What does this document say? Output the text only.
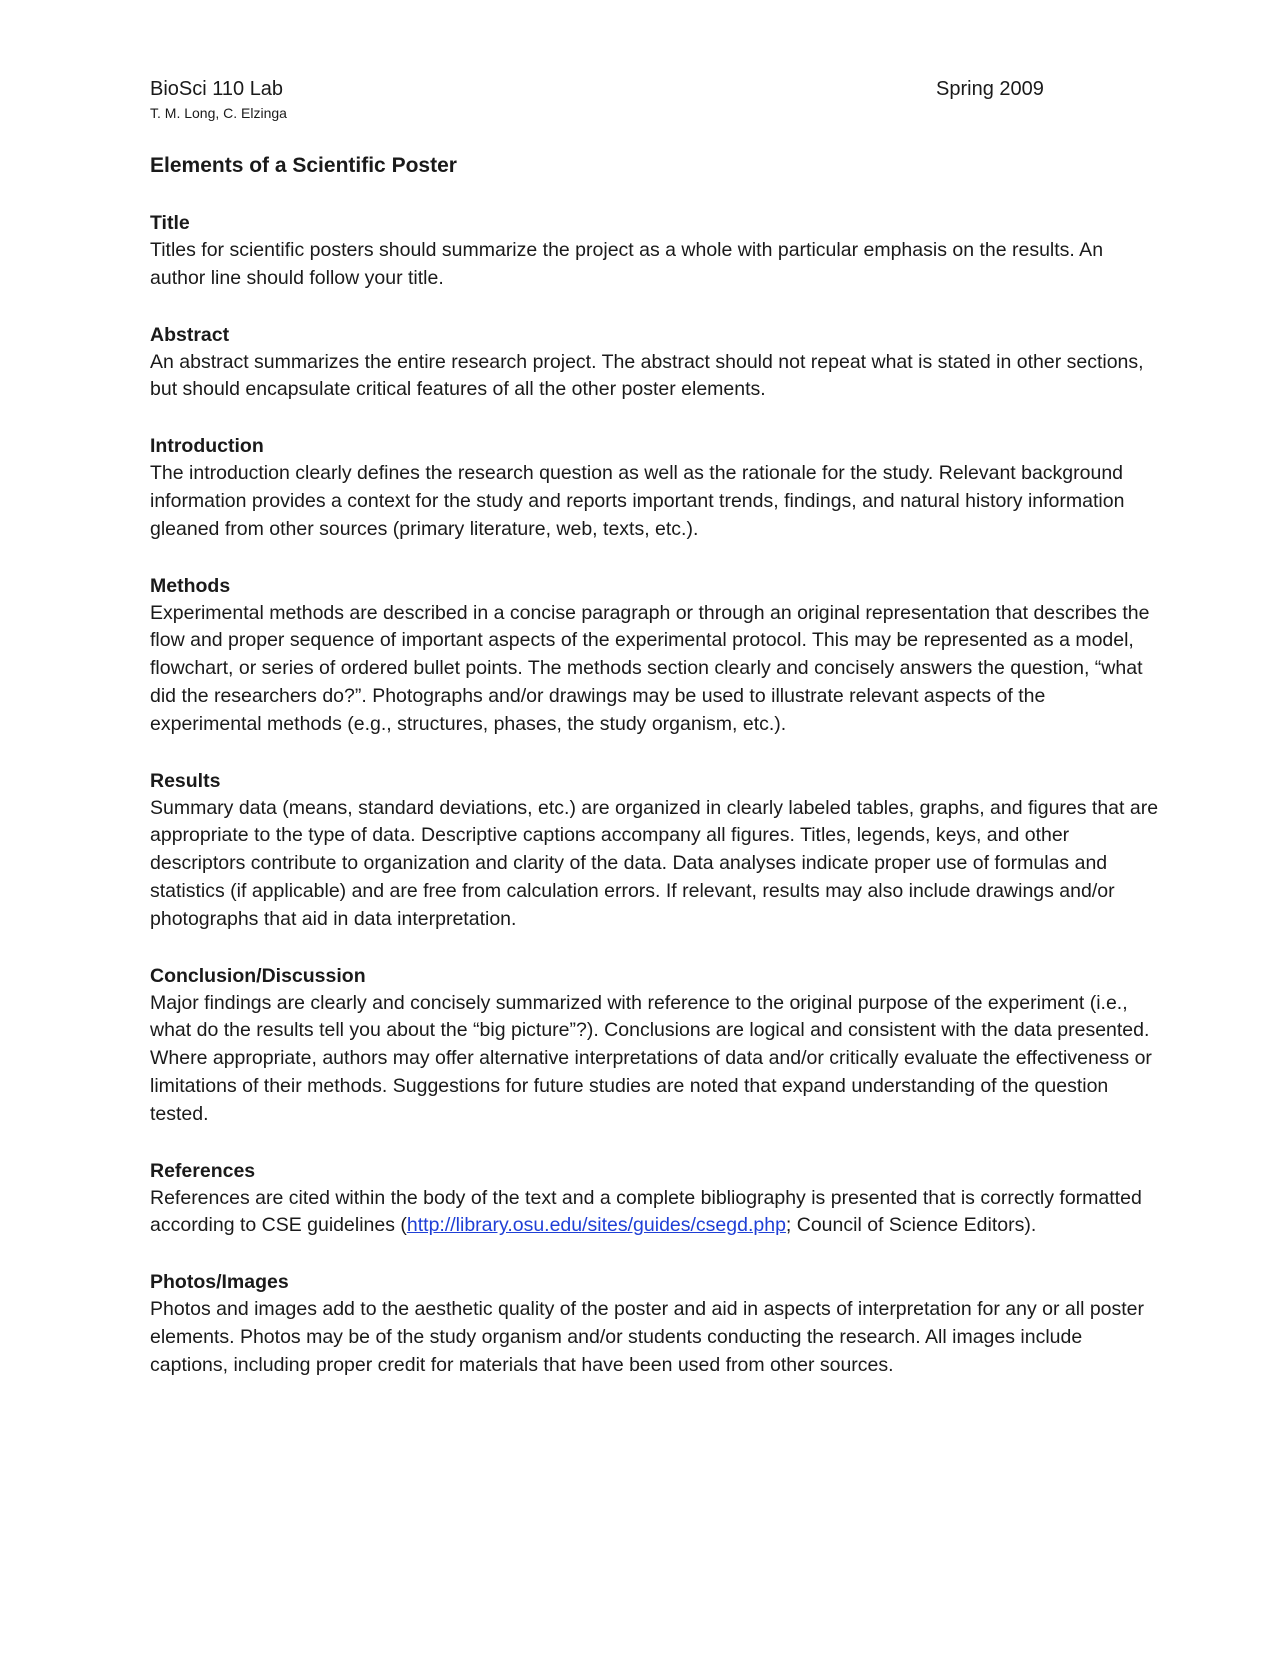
BioSci 110 Lab
T. M. Long, C. Elzinga
Spring 2009
Elements of a Scientific Poster
Title

Titles for scientific posters should summarize the project as a whole with particular emphasis on the results. An author line should follow your title.

Abstract

An abstract summarizes the entire research project. The abstract should not repeat what is stated in other sections, but should encapsulate critical features of all the other poster elements.

Introduction

The introduction clearly defines the research question as well as the rationale for the study. Relevant background information provides a context for the study and reports important trends, findings, and natural history information gleaned from other sources (primary literature, web, texts, etc.).

Methods

Experimental methods are described in a concise paragraph or through an original representation that describes the flow and proper sequence of important aspects of the experimental protocol. This may be represented as a model, flowchart, or series of ordered bullet points. The methods section clearly and concisely answers the question, “what did the researchers do?”. Photographs and/or drawings may be used to illustrate relevant aspects of the experimental methods (e.g., structures, phases, the study organism, etc.).

Results

Summary data (means, standard deviations, etc.) are organized in clearly labeled tables, graphs, and figures that are appropriate to the type of data. Descriptive captions accompany all figures. Titles, legends, keys, and other descriptors contribute to organization and clarity of the data. Data analyses indicate proper use of formulas and statistics (if applicable) and are free from calculation errors. If relevant, results may also include drawings and/or photographs that aid in data interpretation.

Conclusion/Discussion

Major findings are clearly and concisely summarized with reference to the original purpose of the experiment (i.e., what do the results tell you about the “big picture”?). Conclusions are logical and consistent with the data presented. Where appropriate, authors may offer alternative interpretations of data and/or critically evaluate the effectiveness or limitations of their methods. Suggestions for future studies are noted that expand understanding of the question tested.

References

References are cited within the body of the text and a complete bibliography is presented that is correctly formatted according to CSE guidelines (http://library.osu.edu/sites/guides/csegd.php; Council of Science Editors).

Photos/Images

Photos and images add to the aesthetic quality of the poster and aid in aspects of interpretation for any or all poster elements. Photos may be of the study organism and/or students conducting the research. All images include captions, including proper credit for materials that have been used from other sources.
